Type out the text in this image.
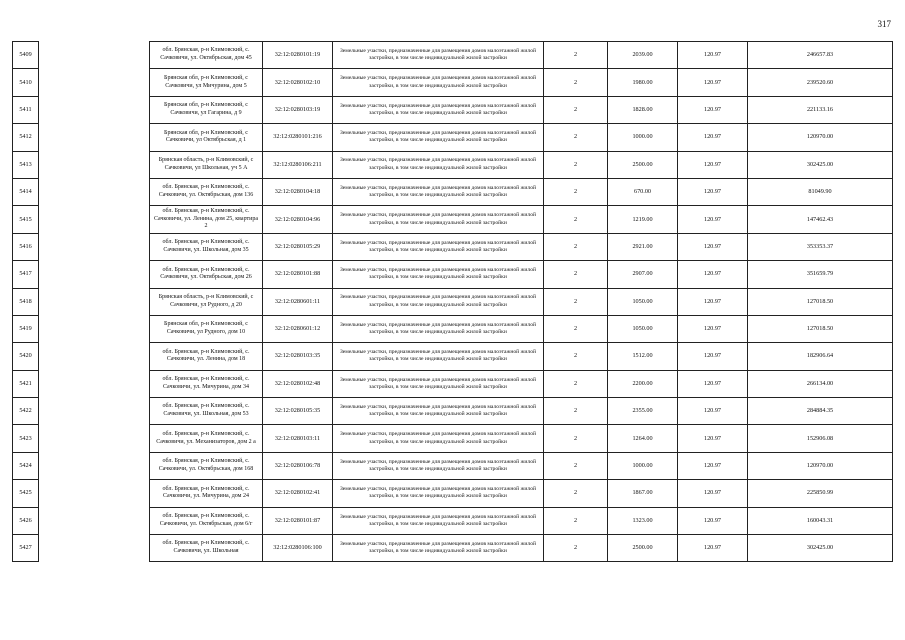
317
5409		обл. Брянская, р-н Климовский, с. Сачковичи, ул. Октябрьская, дом 45	32:12:0280101:19	Земельные участки, предназначенные для размещения домов малоэтажной жилой застройки, в том числе индивидуальной жилой застройки	2	2039.00	120.97	246657.83
5410		Брянская обл, р-н Климовский, с Сачковичи, ул Мичурина, дом 5	32:12:0280102:10	Земельные участки, предназначенные для размещения домов малоэтажной жилой застройки, в том числе индивидуальной жилой застройки	2	1980.00	120.97	239520.60
5411		Брянская обл, р-н Климовский, с Сачковичи, ул Гагарина, д 9	32:12:0280103:19	Земельные участки, предназначенные для размещения домов малоэтажной жилой застройки, в том числе индивидуальной жилой застройки	2	1828.00	120.97	221133.16
5412		Брянская обл, р-н Климовский, с Сачковичи, ул Октябрьская, д 1	32:12:0280101:216	Земельные участки, предназначенные для размещения домов малоэтажной жилой застройки, в том числе индивидуальной жилой застройки	2	1000.00	120.97	120970.00
5413		Брянская область, р-н Климовский, с Сачковичи, ул Школьная, уч 5 А	32:12:0280106:211	Земельные участки, предназначенные для размещения домов малоэтажной жилой застройки, в том числе индивидуальной жилой застройки	2	2500.00	120.97	302425.00
5414		обл. Брянская, р-н Климовский, с. Сачковичи, ул. Октябрьская, дом 136	32:12:0280104:18	Земельные участки, предназначенные для размещения домов малоэтажной жилой застройки, в том числе индивидуальной жилой застройки	2	670.00	120.97	81049.90
5415		обл. Брянская, р-н Климовский, с. Сачковичи, ул. Ленина, дом 25, квартира 2	32:12:0280104:96	Земельные участки, предназначенные для размещения домов малоэтажной жилой застройки, в том числе индивидуальной жилой застройки	2	1219.00	120.97	147462.43
5416		обл. Брянская, р-н Климовский, с. Сачковичи, ул. Школьная, дом 35	32:12:0280105:29	Земельные участки, предназначенные для размещения домов малоэтажной жилой застройки, в том числе индивидуальной жилой застройки	2	2921.00	120.97	353353.37
5417		обл. Брянская, р-н Климовский, с. Сачковичи, ул. Октябрьская, дом 26	32:12:0280101:88	Земельные участки, предназначенные для размещения домов малоэтажной жилой застройки, в том числе индивидуальной жилой застройки	2	2907.00	120.97	351659.79
5418		Брянская область, р-н Климовский, с Сачковичи, ул Рудного, д 20	32:12:0280601:11	Земельные участки, предназначенные для размещения домов малоэтажной жилой застройки, в том числе индивидуальной жилой застройки	2	1050.00	120.97	127018.50
5419		Брянская обл, р-н Климовский, с Сачковичи, ул Рудного, дом 10	32:12:0280601:12	Земельные участки, предназначенные для размещения домов малоэтажной жилой застройки, в том числе индивидуальной жилой застройки	2	1050.00	120.97	127018.50
5420		обл. Брянская, р-н Климовский, с. Сачковичи, ул. Ленина, дом 18	32:12:0280103:35	Земельные участки, предназначенные для размещения домов малоэтажной жилой застройки, в том числе индивидуальной жилой застройки	2	1512.00	120.97	182906.64
5421		обл. Брянская, р-н Климовский, с. Сачковичи, ул. Мичурина, дом 34	32:12:0280102:48	Земельные участки, предназначенные для размещения домов малоэтажной жилой застройки, в том числе индивидуальной жилой застройки	2	2200.00	120.97	266134.00
5422		обл. Брянская, р-н Климовский, с. Сачковичи, ул. Школьная, дом 53	32:12:0280105:35	Земельные участки, предназначенные для размещения домов малоэтажной жилой застройки, в том числе индивидуальной жилой застройки	2	2355.00	120.97	284884.35
5423		обл. Брянская, р-н Климовский, с. Сачковичи, ул. Механизаторов, дом 2 а	32:12:0280103:11	Земельные участки, предназначенные для размещения домов малоэтажной жилой застройки, в том числе индивидуальной жилой застройки	2	1264.00	120.97	152906.08
5424		обл. Брянская, р-н Климовский, с. Сачковичи, ул. Октябрьская, дом 168	32:12:0280106:78	Земельные участки, предназначенные для размещения домов малоэтажной жилой застройки, в том числе индивидуальной жилой застройки	2	1000.00	120.97	120970.00
5425		обл. Брянская, р-н Климовский, с. Сачковичи, ул. Мичурина, дом 24	32:12:0280102:41	Земельные участки, предназначенные для размещения домов малоэтажной жилой застройки, в том числе индивидуальной жилой застройки	2	1867.00	120.97	225850.99
5426		обл. Брянская, р-н Климовский, с. Сачковичи, ул. Октябрьская, дом 6/г	32:12:0280101:87	Земельные участки, предназначенные для размещения домов малоэтажной жилой застройки, в том числе индивидуальной жилой застройки	2	1323.00	120.97	160043.31
5427		обл. Брянская, р-н Климовский, с. Сачковичи, ул. Школьная	32:12:0280106:100	Земельные участки, предназначенные для размещения домов малоэтажной жилой застройки, в том числе индивидуальной жилой застройки	2	2500.00	120.97	302425.00
